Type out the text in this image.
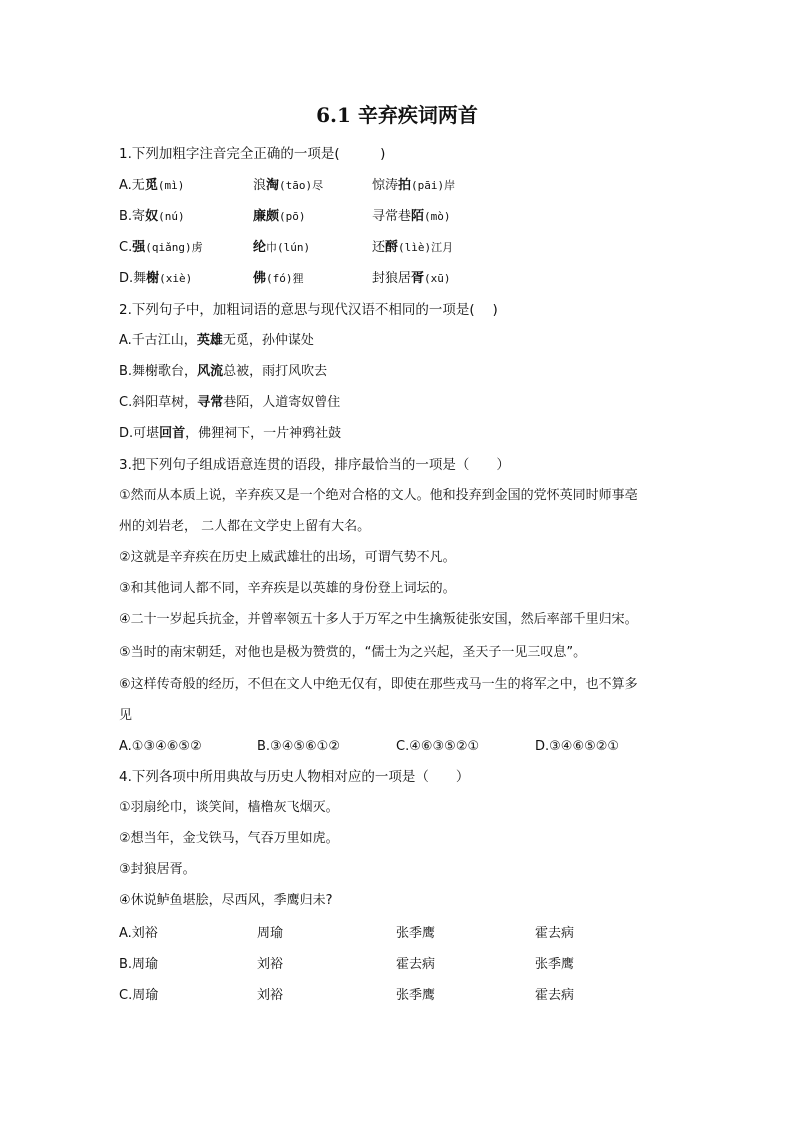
6.1 辛弃疾词两首
1.下列加粗字注音完全正确的一项是(　　　)
A.无觅(mì)	浪淘(tāo)尽	惊涛拍(pāi)岸
B.寄奴(nú)	廉颇(pō)	寻常巷陌(mò)
C.强(qiǎng)虏	纶巾(lún)	还酹(lìè)江月
D.舞榭(xiè)	佛(fó)狸	封狼居胥(xū)
2.下列句子中，加粗词语的意思与现代汉语不相同的一项是(　 )
A.千古江山，英雄无觅，孙仲谋处
B.舞榭歌台，风流总被，雨打风吹去
C.斜阳草树，寻常巷陌，人道寄奴曾住
D.可堪回首，佛狸祠下，一片神鸦社鼓
3.把下列句子组成语意连贯的语段，排序最恰当的一项是（　　）
①然而从本质上说，辛弃疾又是一个绝对合格的文人。他和投弃到金国的党怀英同时师事亳
州的刘岩老， 二人都在文学史上留有大名。
②这就是辛弃疾在历史上威武雄壮的出场，可谓气势不凡。
③和其他词人都不同，辛弃疾是以英雄的身份登上词坛的。
④二十一岁起兵抗金，并曾率领五十多人于万军之中生擒叛徒张安国，然后率部千里归宋。
⑤当时的南宋朝廷，对他也是极为赞赏的，“儒士为之兴起，圣天子一见三叹息”。
⑥这样传奇般的经历，不但在文人中绝无仅有，即使在那些戎马一生的将军之中，也不算多
见
A.①③④⑥⑤②	B.③④⑤⑥①②	C.④⑥③⑤②①	D.③④⑥⑤②①
4.下列各项中所用典故与历史人物相对应的一项是（　　）
①羽扇纶巾，谈笑间，樯橹灰飞烟灭。
②想当年，金戈铁马，气吞万里如虎。
③封狼居胥。
④休说鲈鱼堪脍，尽西风，季鹰归未?
A.刘裕	周瑜	张季鹰	霍去病
B.周瑜	刘裕	霍去病	张季鹰
C.周瑜	刘裕	张季鹰	霍去病
